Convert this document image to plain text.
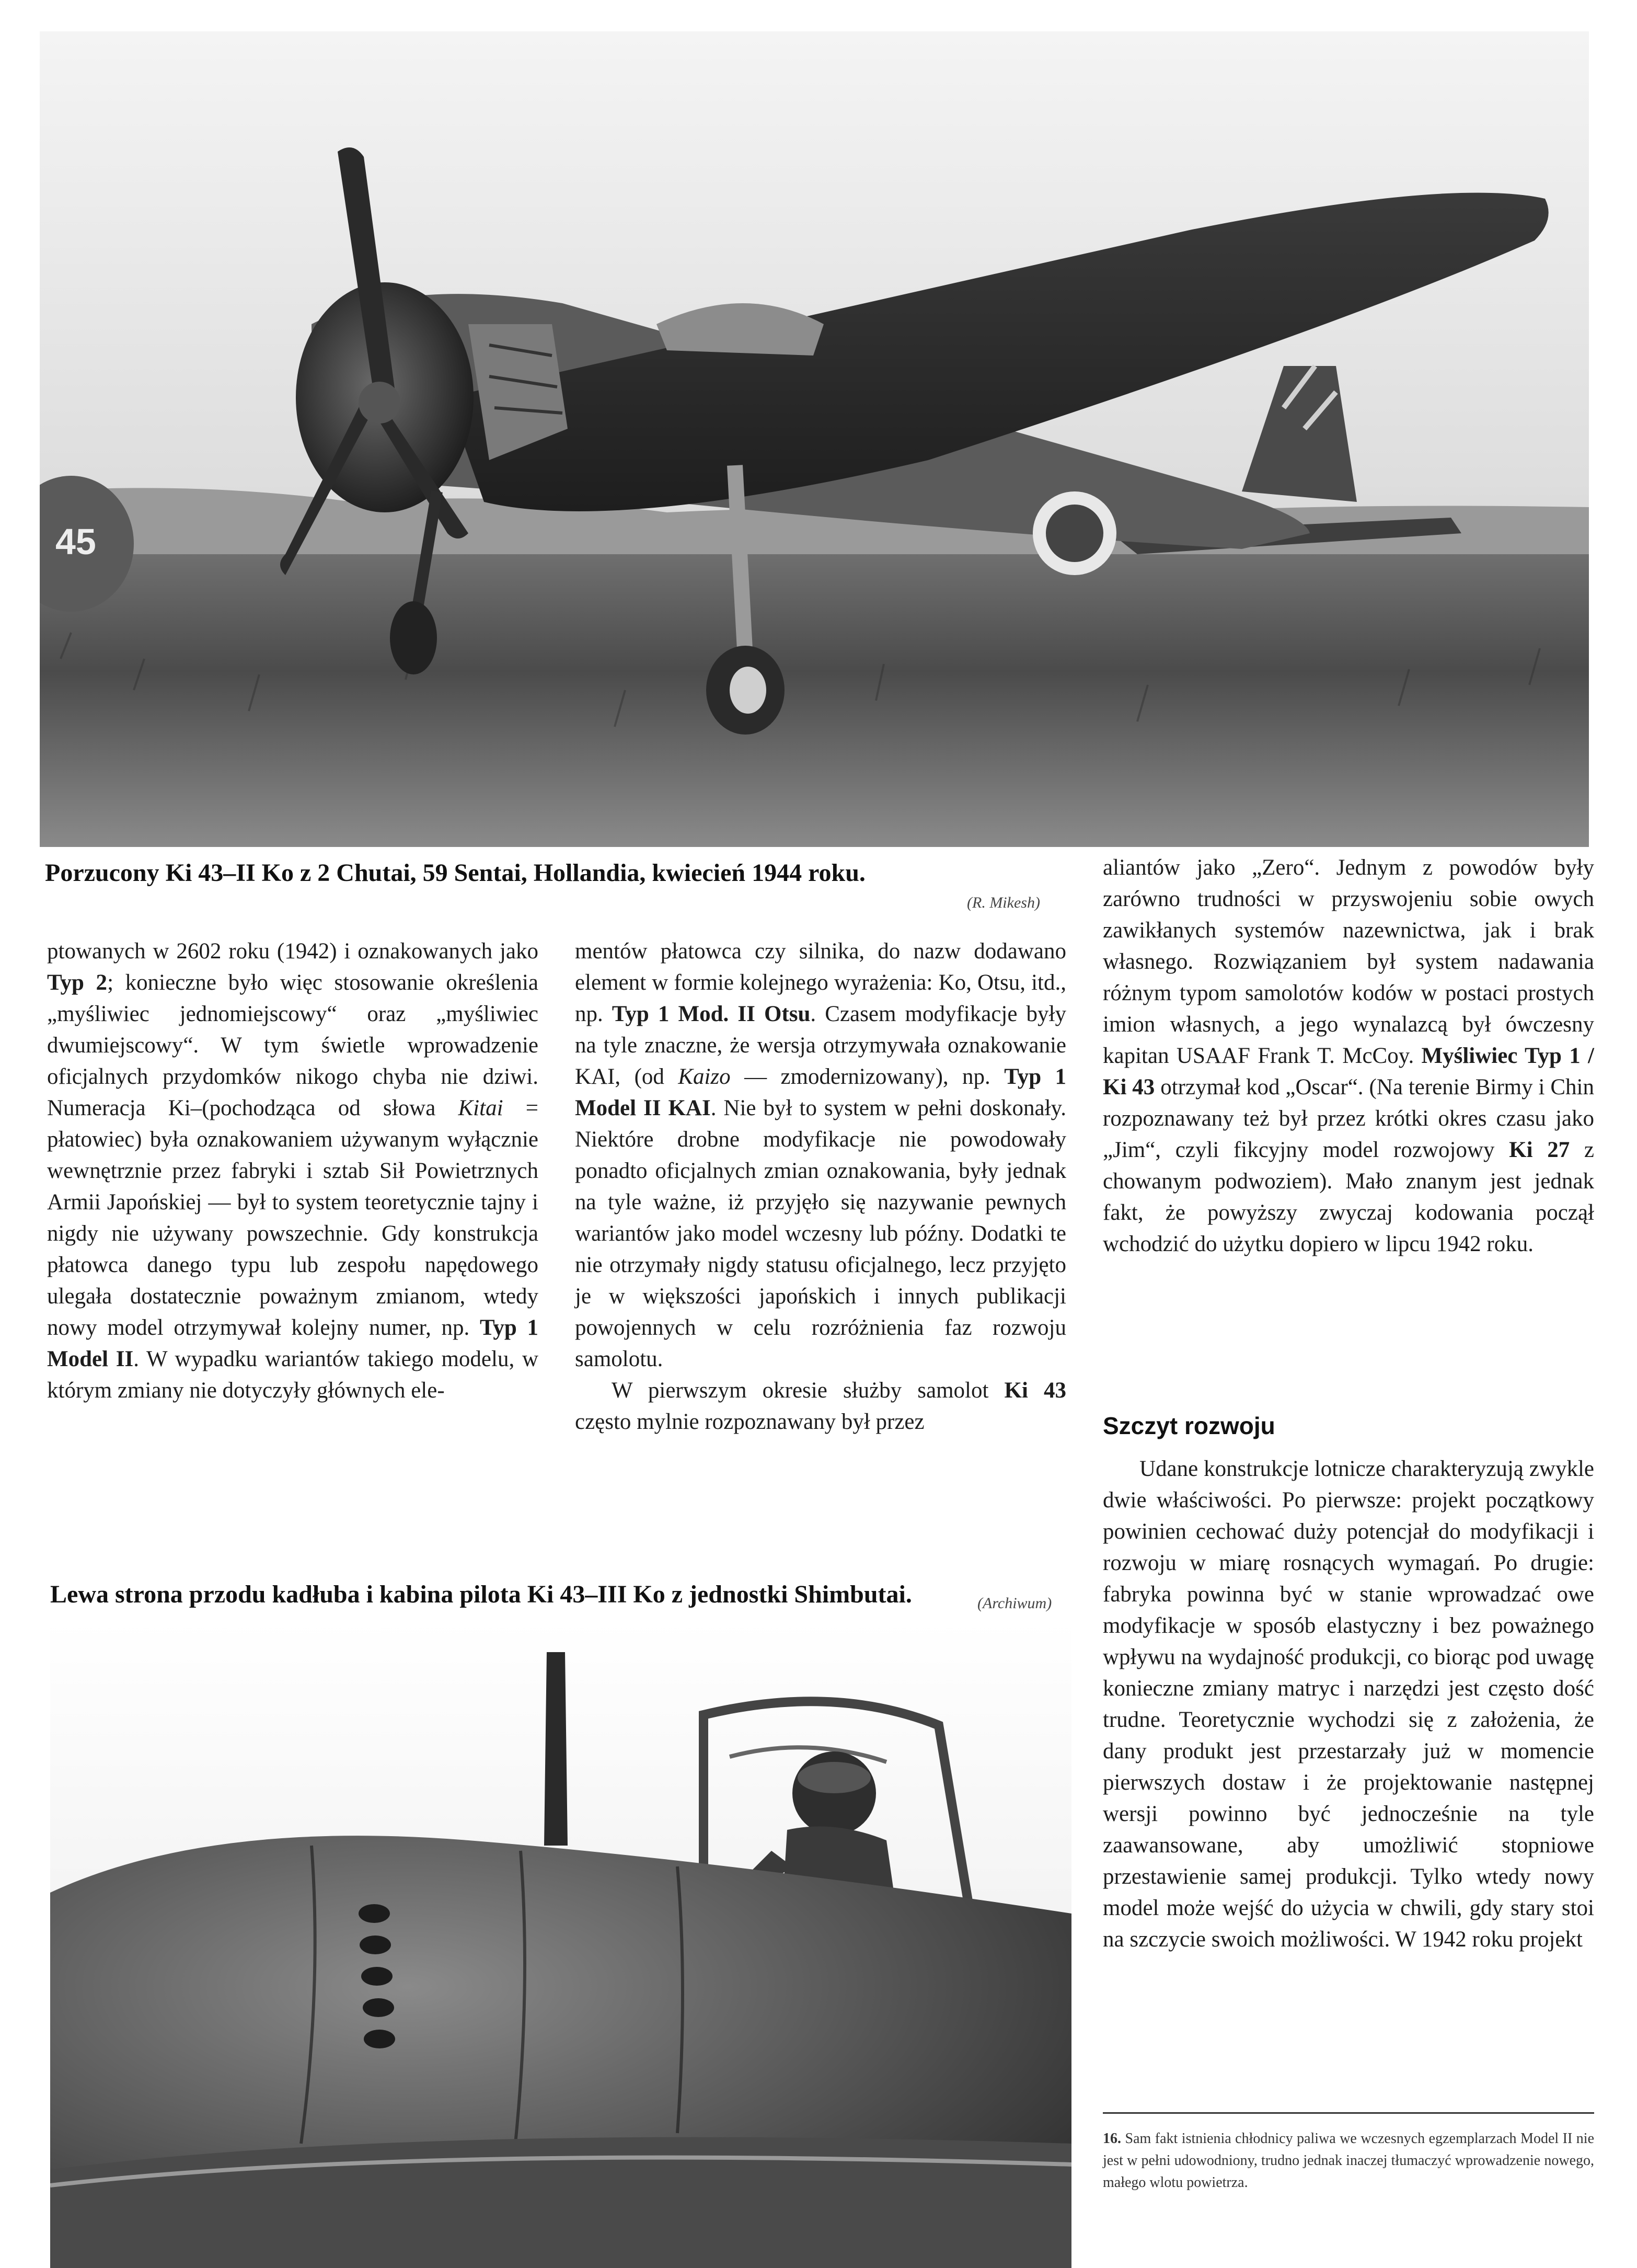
45
Porzucony Ki 43–II Ko z 2 Chutai, 59 Sentai, Hollandia, kwiecień 1944 roku.
(R. Mikesh)

ptowanych w 2602 roku (1942) i oznakowanych jako Typ 2; konieczne było więc stosowanie określenia „myśliwiec jednomiejscowy“ oraz „myśliwiec dwumiejscowy“. W tym świetle wprowadzenie oficjalnych przydomków nikogo chyba nie dziwi. Numeracja Ki–(pochodząca od słowa Kitai = płatowiec) była oznakowaniem używanym wyłącznie wewnętrznie przez fabryki i sztab Sił Powietrznych Armii Japońskiej — był to system teoretycznie tajny i nigdy nie używany powszechnie. Gdy konstrukcja płatowca danego typu lub zespołu napędowego ulegała dostatecznie poważnym zmianom, wtedy nowy model otrzymywał kolejny numer, np. Typ 1 Model II. W wypadku wariantów takiego modelu, w którym zmiany nie dotyczyły głównych ele-

mentów płatowca czy silnika, do nazw dodawano element w formie kolejnego wyrażenia: Ko, Otsu, itd., np. Typ 1 Mod. II Otsu. Czasem modyfikacje były na tyle znaczne, że wersja otrzymywała oznakowanie KAI, (od Kaizo — zmodernizowany), np. Typ 1 Model II KAI. Nie był to system w pełni doskonały. Niektóre drobne modyfikacje nie powodowały ponadto oficjalnych zmian oznakowania, były jednak na tyle ważne, iż przyjęło się nazywanie pewnych wariantów jako model wczesny lub późny. Dodatki te nie otrzymały nigdy statusu oficjalnego, lecz przyjęto je w większości japońskich i innych publikacji powojennych w celu rozróżnienia faz rozwoju samolotu.

W pierwszym okresie służby samolot Ki 43 często mylnie rozpoznawany był przez

Lewa strona przodu kadłuba i kabina pilota Ki 43–III Ko z jednostki Shimbutai.	(Archiwum)

aliantów jako „Zero“. Jednym z powodów były zarówno trudności w przyswojeniu sobie owych zawikłanych systemów nazewnictwa, jak i brak własnego. Rozwiązaniem był system nadawania różnym typom samolotów kodów w postaci prostych imion własnych, a jego wynalazcą był ówczesny kapitan USAAF Frank T. McCoy. Myśliwiec Typ 1 / Ki 43 otrzymał kod „Oscar“. (Na terenie Birmy i Chin rozpoznawany też był przez krótki okres czasu jako „Jim“, czyli fikcyjny model rozwojowy Ki 27 z chowanym podwoziem). Mało znanym jest jednak fakt, że powyższy zwyczaj kodowania począł wchodzić do użytku dopiero w lipcu 1942 roku.

Szczyt rozwoju

Udane konstrukcje lotnicze charakteryzują zwykle dwie właściwości. Po pierwsze: projekt początkowy powinien cechować duży potencjał do modyfikacji i rozwoju w miarę rosnących wymagań. Po drugie: fabryka powinna być w stanie wprowadzać owe modyfikacje w sposób elastyczny i bez poważnego wpływu na wydajność produkcji, co biorąc pod uwagę konieczne zmiany matryc i narzędzi jest często dość trudne. Teoretycznie wychodzi się z założenia, że dany produkt jest przestarzały już w momencie pierwszych dostaw i że projektowanie następnej wersji powinno być jednocześnie na tyle zaawansowane, aby umożliwić stopniowe przestawienie samej produkcji. Tylko wtedy nowy model może wejść do użycia w chwili, gdy stary stoi na szczycie swoich możliwości. W 1942 roku projekt

16. Sam fakt istnienia chłodnicy paliwa we wczesnych egzemplarzach Model II nie jest w pełni udowodniony, trudno jednak inaczej tłumaczyć wprowadzenie nowego, małego wlotu powietrza.
